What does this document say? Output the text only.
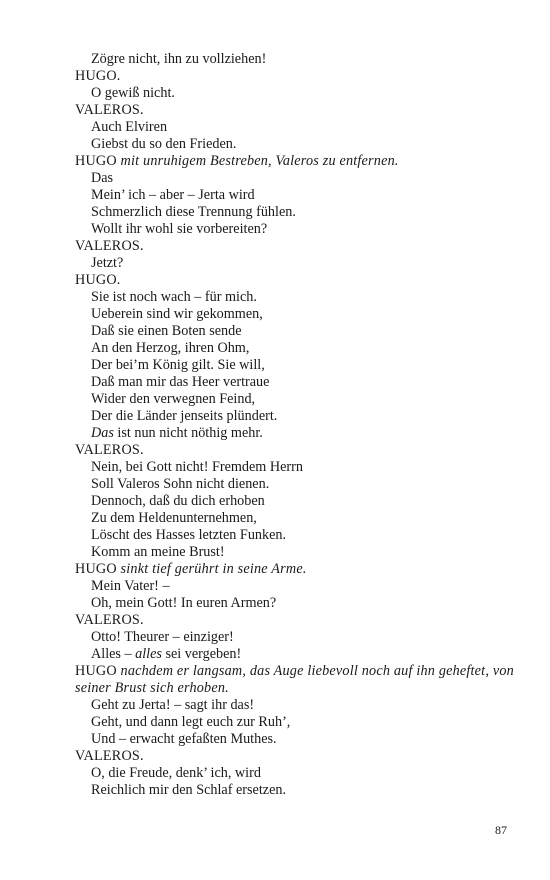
Zögre nicht, ihn zu vollziehen!
HUGO.
O gewiß nicht.
VALEROS.
Auch Elviren
Giebst du so den Frieden.
HUGO mit unruhigem Bestreben, Valeros zu entfernen.
Das
Mein’ ich – aber – Jerta wird
Schmerzlich diese Trennung fühlen.
Wollt ihr wohl sie vorbereiten?
VALEROS.
Jetzt?
HUGO.
Sie ist noch wach – für mich.
Ueberein sind wir gekommen,
Daß sie einen Boten sende
An den Herzog, ihren Ohm,
Der bei’m König gilt. Sie will,
Daß man mir das Heer vertraue
Wider den verwegnen Feind,
Der die Länder jenseits plündert.
Das ist nun nicht nöthig mehr.
VALEROS.
Nein, bei Gott nicht! Fremdem Herrn
Soll Valeros Sohn nicht dienen.
Dennoch, daß du dich erhoben
Zu dem Heldenunternehmen,
Löscht des Hasses letzten Funken.
Komm an meine Brust!
HUGO sinkt tief gerührt in seine Arme.
Mein Vater! –
Oh, mein Gott! In euren Armen?
VALEROS.
Otto! Theurer – einziger!
Alles – alles sei vergeben!
HUGO nachdem er langsam, das Auge liebevoll noch auf ihn geheftet, von seiner Brust sich erhoben.
Geht zu Jerta! – sagt ihr das!
Geht, und dann legt euch zur Ruh’,
Und – erwacht gefaßten Muthes.
VALEROS.
O, die Freude, denk’ ich, wird
Reichlich mir den Schlaf ersetzen.
87
